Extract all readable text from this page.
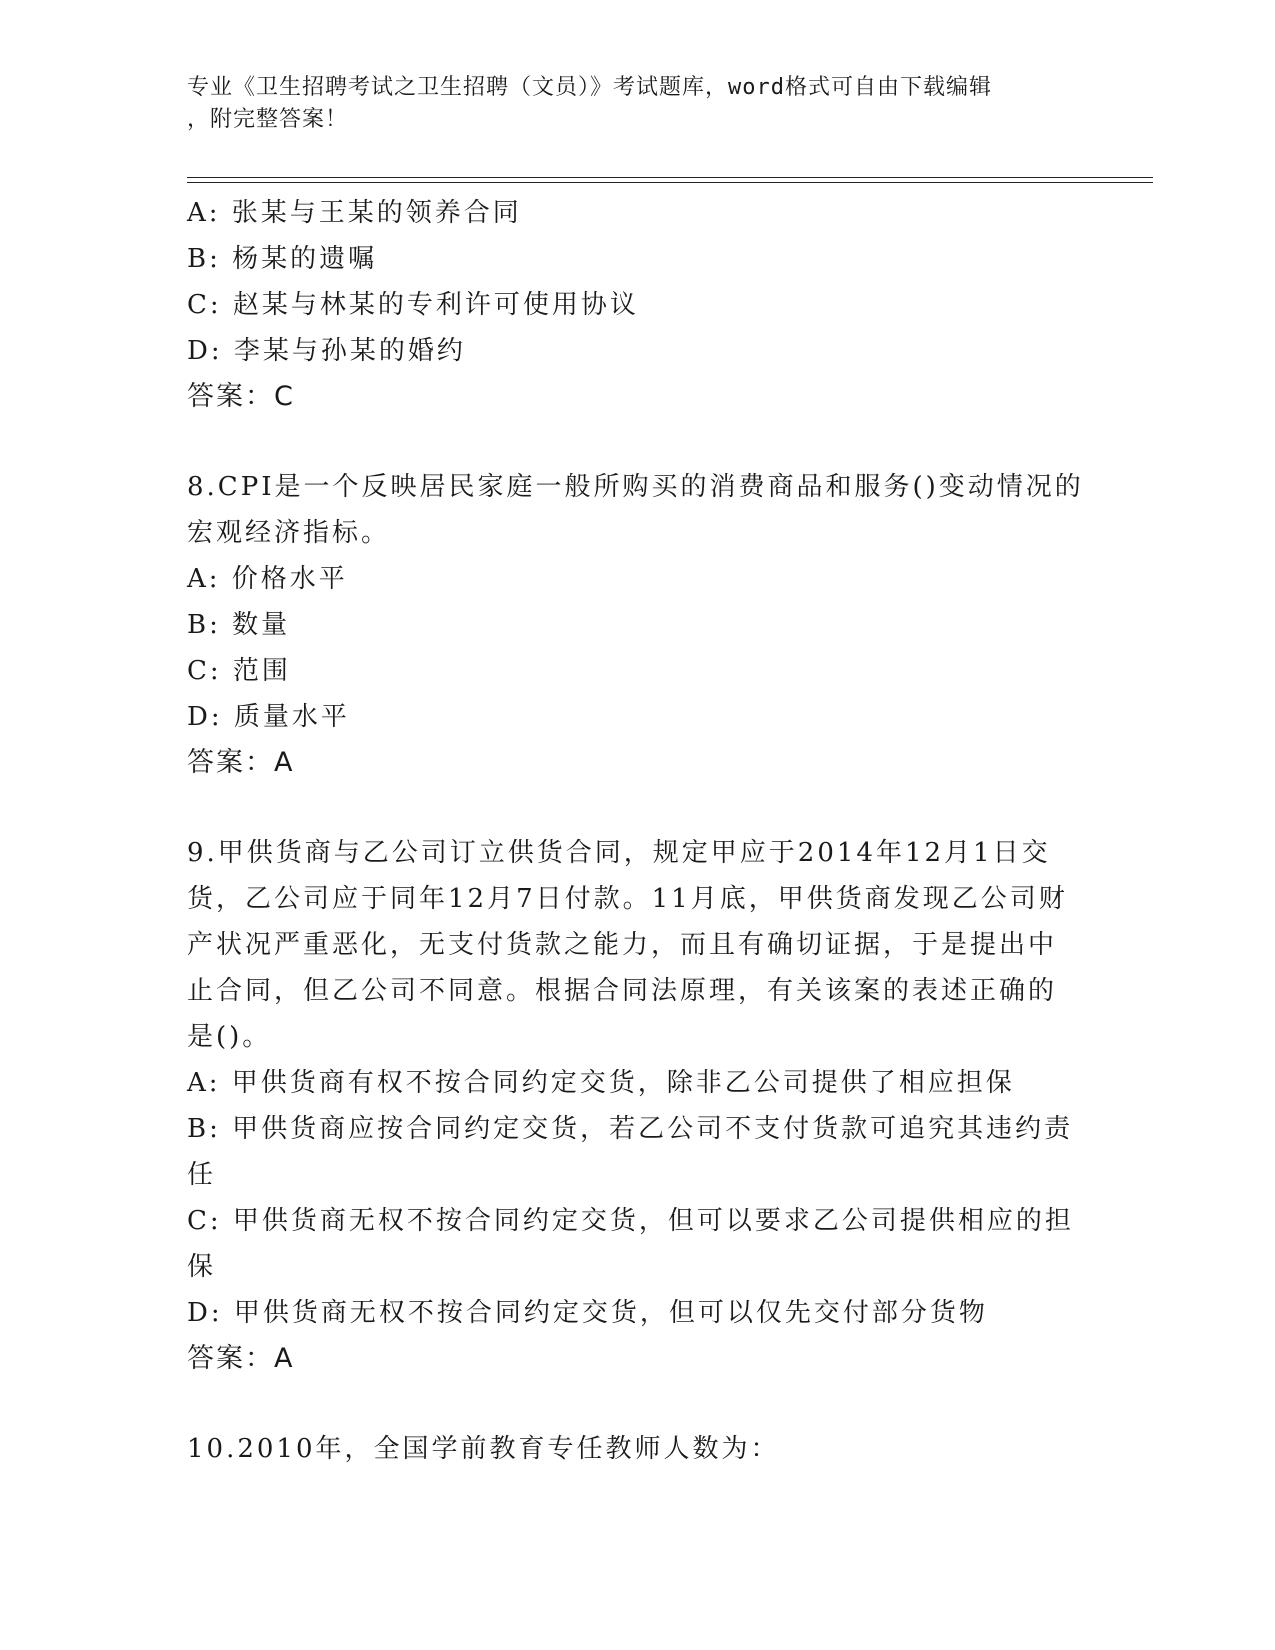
专业《卫生招聘考试之卫生招聘（文员）》考试题库，word格式可自由下载编辑
，附完整答案！
A: 张某与王某的领养合同
B: 杨某的遗嘱
C: 赵某与林某的专利许可使用协议
D: 李某与孙某的婚约
答案：C
8.CPI是一个反映居民家庭一般所购买的消费商品和服务()变动情况的
宏观经济指标。
A: 价格水平
B: 数量
C: 范围
D: 质量水平
答案：A
9.甲供货商与乙公司订立供货合同，规定甲应于2014年12月1日交
货，乙公司应于同年12月7日付款。11月底，甲供货商发现乙公司财
产状况严重恶化，无支付货款之能力，而且有确切证据，于是提出中
止合同，但乙公司不同意。根据合同法原理，有关该案的表述正确的
是()。
A: 甲供货商有权不按合同约定交货，除非乙公司提供了相应担保
B: 甲供货商应按合同约定交货，若乙公司不支付货款可追究其违约责
任
C: 甲供货商无权不按合同约定交货，但可以要求乙公司提供相应的担
保
D: 甲供货商无权不按合同约定交货，但可以仅先交付部分货物
答案：A
10.2010年，全国学前教育专任教师人数为：
